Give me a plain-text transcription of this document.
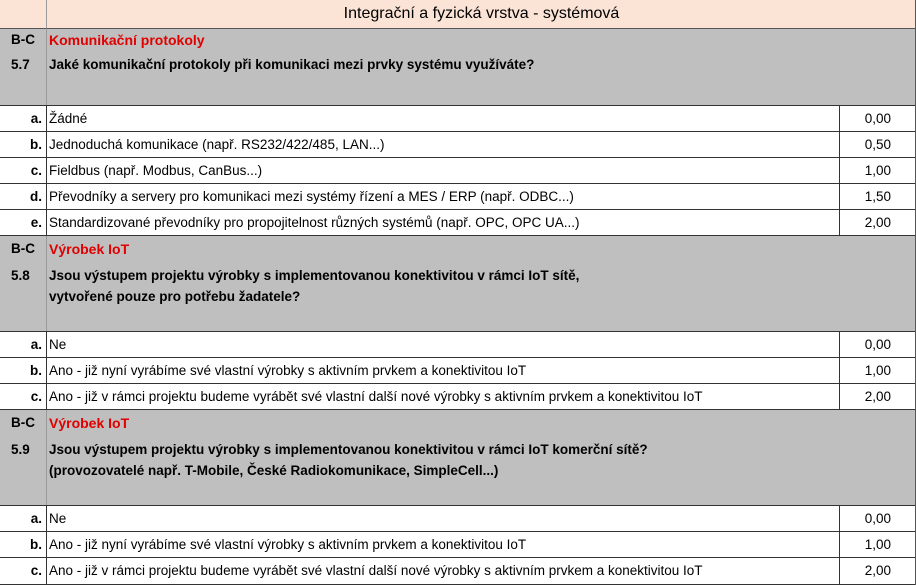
Integrační a fyzická vrstva - systémová
B-C Komunikační protokoly
5.7 Jaké komunikační protokoly při komunikaci mezi prvky systému využíváte?
a. Žádné	0,00
b. Jednoduchá komunikace (např. RS232/422/485, LAN...)	0,50
c. Fieldbus (např. Modbus, CanBus...)	1,00
d. Převodníky a servery pro komunikaci mezi systémy řízení a MES / ERP (např. ODBC...)	1,50
e. Standardizované převodníky pro propojitelnost různých systémů (např. OPC, OPC UA...)	2,00
B-C Výrobek IoT
5.8 Jsou výstupem projektu výrobky s implementovanou konektivitou v rámci IoT sítě,
vytvořené pouze pro potřebu žadatele?
a. Ne	0,00
b. Ano - již nyní vyrábíme své vlastní výrobky s aktivním prvkem a konektivitou IoT	1,00
c. Ano - již v rámci projektu budeme vyrábět své vlastní další nové výrobky s aktivním prvkem a konektivitou IoT	2,00
B-C Výrobek IoT
5.9 Jsou výstupem projektu výrobky s implementovanou konektivitou v rámci IoT komerční sítě?
(provozovatelé např. T-Mobile, České Radiokomunikace, SimpleCell...)
a. Ne	0,00
b. Ano - již nyní vyrábíme své vlastní výrobky s aktivním prvkem a konektivitou IoT	1,00
c. Ano - již v rámci projektu budeme vyrábět své vlastní další nové výrobky s aktivním prvkem a konektivitou IoT	2,00
